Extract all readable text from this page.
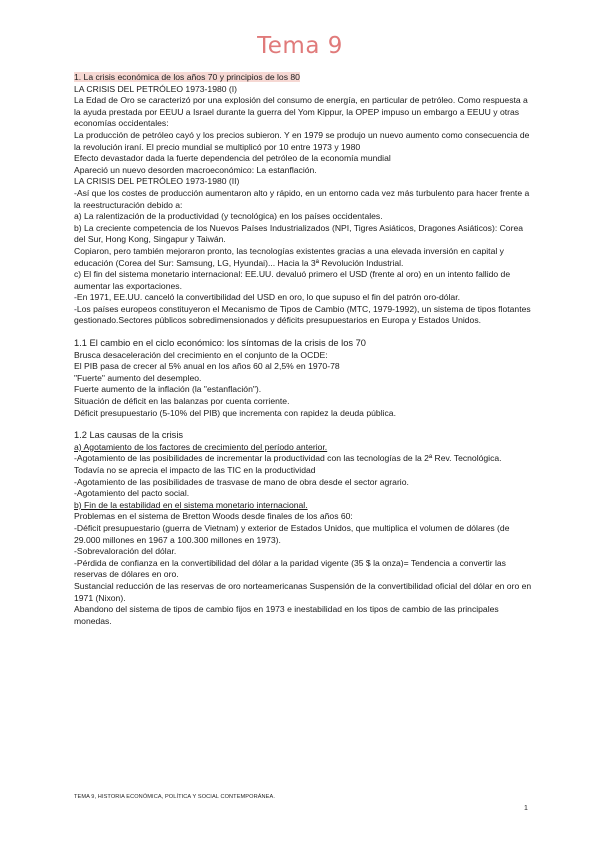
Tema 9

1. La crisis económica de los años 70 y principios de los 80

LA CRISIS DEL PETRÓLEO 1973-1980 (I)

La Edad de Oro se caracterizó por una explosión del consumo de energía, en particular de petróleo. Como respuesta a la ayuda prestada por EEUU a Israel durante la guerra del Yom Kippur, la OPEP impuso un embargo a EEUU y otras economías occidentales:

La producción de petróleo cayó y los precios subieron. Y en 1979 se produjo un nuevo aumento como consecuencia de la revolución iraní. El precio mundial se multiplicó por 10 entre 1973 y 1980

Efecto devastador dada la fuerte dependencia del petróleo de la economía mundial

Apareció un nuevo desorden macroeconómico: La estanflación.

LA CRISIS DEL PETRÓLEO 1973-1980 (II)

-Así que los costes de producción aumentaron alto y rápido, en un entorno cada vez más turbulento para hacer frente a la reestructuración debido a:

a) La ralentización de la productividad (y tecnológica) en los países occidentales.

b) La creciente competencia de los Nuevos Países Industrializados (NPI, Tigres Asiáticos, Dragones Asiáticos): Corea del Sur, Hong Kong, Singapur y Taiwán.

Copiaron, pero también mejoraron pronto, las tecnologías existentes gracias a una elevada inversión en capital y educación (Corea del Sur: Samsung, LG, Hyundai)... Hacia la 3ª Revolución Industrial.

c) El fin del sistema monetario internacional: EE.UU. devaluó primero el USD (frente al oro) en un intento fallido de aumentar las exportaciones.

-En 1971, EE.UU. canceló la convertibilidad del USD en oro, lo que supuso el fin del patrón oro-dólar.

-Los países europeos constituyeron el Mecanismo de Tipos de Cambio (MTC, 1979-1992), un sistema de tipos flotantes gestionado.Sectores públicos sobredimensionados y déficits presupuestarios en Europa y Estados Unidos.

1.1 El cambio en el ciclo económico: los síntomas de la crisis de los 70

Brusca desaceleración del crecimiento en el conjunto de la OCDE:

El PIB pasa de crecer al 5% anual en los años 60 al 2,5% en 1970-78

"Fuerte" aumento del desempleo.

Fuerte aumento de la inflación (la "estanflación").

Situación de déficit en las balanzas por cuenta corriente.

Déficit presupuestario (5-10% del PIB) que incrementa con rapidez la deuda pública.

1.2 Las causas de la crisis

a) Agotamiento de los factores de crecimiento del período anterior.

-Agotamiento de las posibilidades de incrementar la productividad con las tecnologías de la 2ª Rev. Tecnológica.

Todavía no se aprecia el impacto de las TIC en la productividad

-Agotamiento de las posibilidades de trasvase de mano de obra desde el sector agrario.

-Agotamiento del pacto social.

b) Fin de la estabilidad en el sistema monetario internacional.

Problemas en el sistema de Bretton Woods desde finales de los años 60:

-Déficit presupuestario (guerra de Vietnam) y exterior de Estados Unidos, que multiplica el volumen de dólares (de 29.000 millones en 1967 a 100.300 millones en 1973).

-Sobrevaloración del dólar.

-Pérdida de confianza en la convertibilidad del dólar a la paridad vigente (35 $ la onza)= Tendencia a convertir las reservas de dólares en oro.

Sustancial reducción de las reservas de oro norteamericanas Suspensión de la convertibilidad oficial del dólar en oro en 1971 (Nixon).

Abandono del sistema de tipos de cambio fijos en 1973 e inestabilidad en los tipos de cambio de las principales monedas.

TEMA 9, HISTORIA ECONÓMICA, POLÍTICA Y SOCIAL CONTEMPORÁNEA.
1
